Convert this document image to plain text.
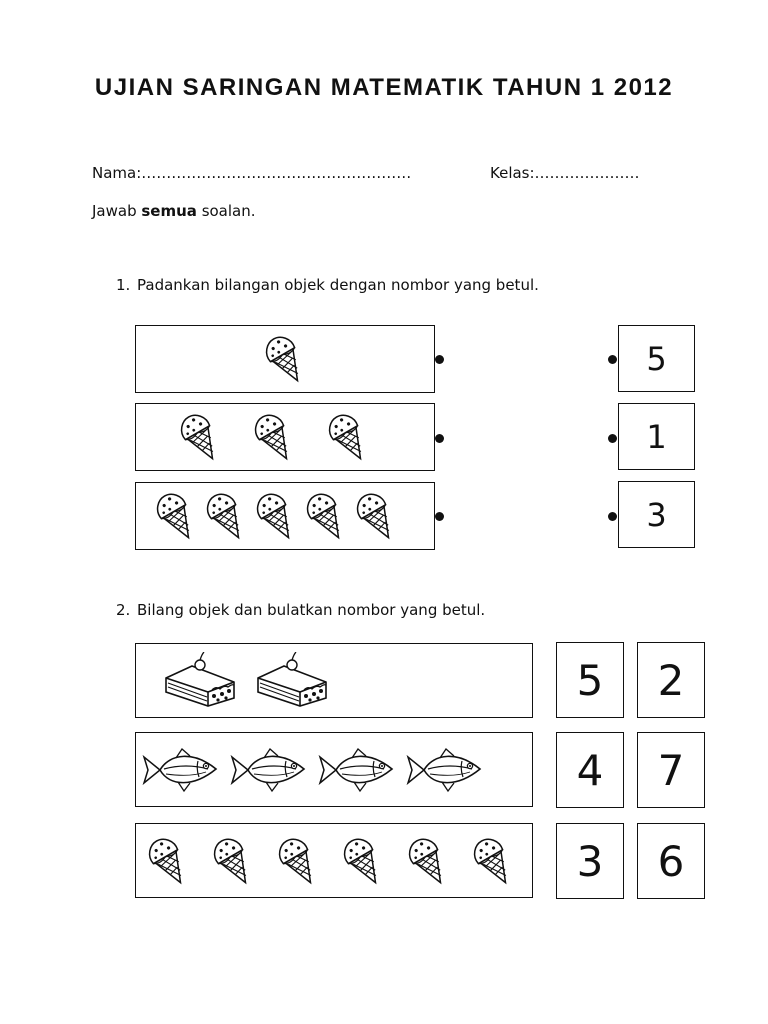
UJIAN SARINGAN MATEMATIK TAHUN 1 2012
Nama:………………………………………………	Kelas:…………………
Jawab semua soalan.
1. Padankan bilangan objek dengan nombor yang betul.
5
1
3
2. Bilang objek dan bulatkan nombor yang betul.
5	2
4	7
3	6
